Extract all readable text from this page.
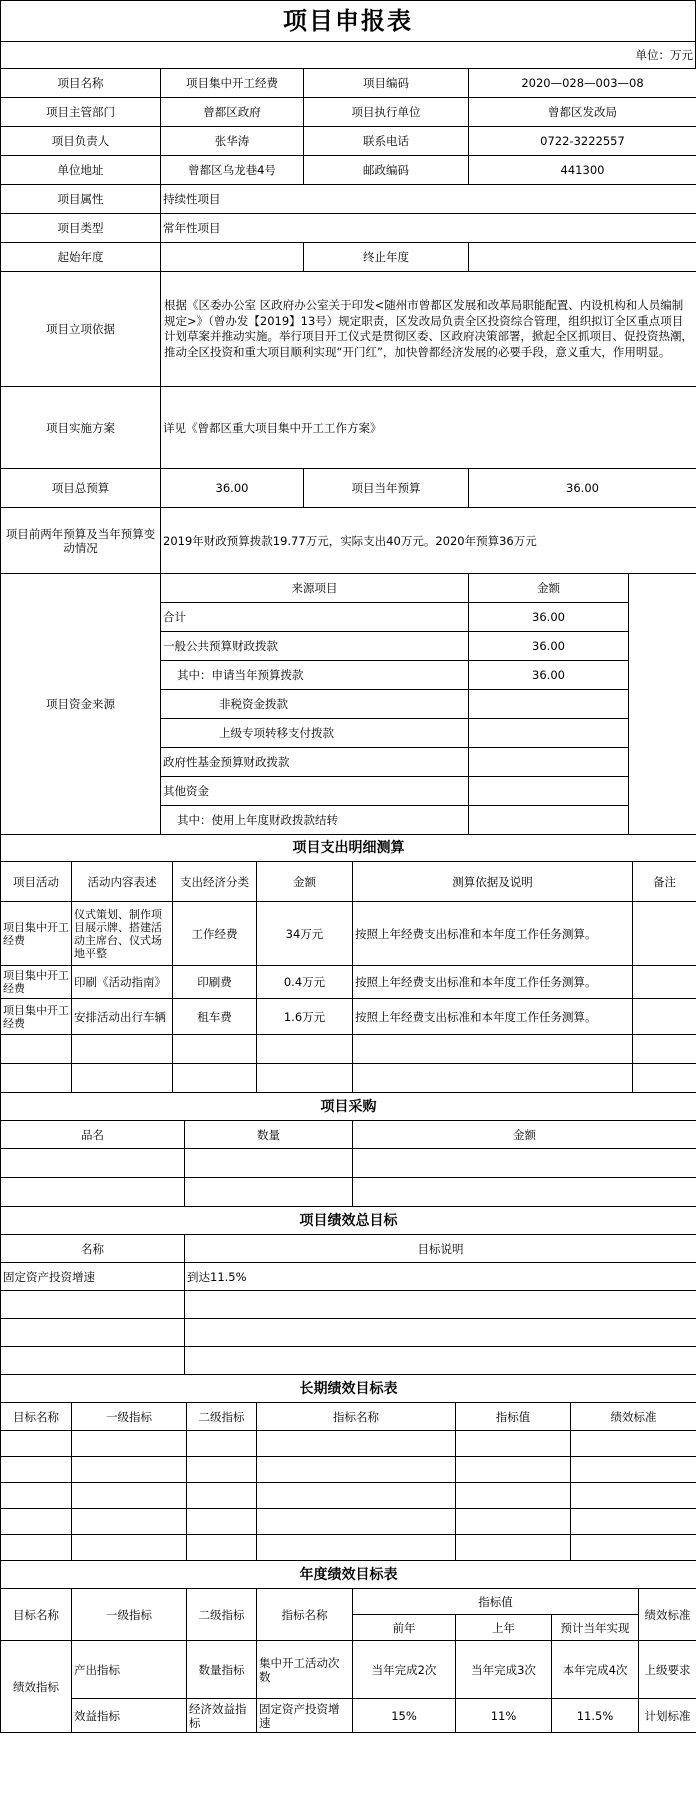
项目申报表
单位：万元
项目名称	项目集中开工经费	项目编码	2020—028—003—08
项目主管部门	曾都区政府	项目执行单位	曾都区发改局
项目负责人	张华涛	联系电话	0722-3222557
单位地址	曾都区乌龙巷4号	邮政编码	441300
项目属性	持续性项目		
项目类型	常年性项目		
起始年度		终止年度	
项目立项依据	根据《区委办公室 区政府办公室关于印发<随州市曾都区发展和改革局职能配置、内设机构和人员编制规定>》（曾办发【2019】13号）规定职责，区发改局负责全区投资综合管理，组织拟订全区重点项目计划草案并推动实施。举行项目开工仪式是贯彻区委、区政府决策部署，掀起全区抓项目、促投资热潮，推动全区投资和重大项目顺利实现“开门红”，加快曾都经济发展的必要手段，意义重大，作用明显。		
项目实施方案	详见《曾都区重大项目集中开工工作方案》		
项目总预算	36.00	项目当年预算	36.00
项目前两年预算及当年预算变动情况	2019年财政预算拨款19.77万元，实际支出40万元。2020年预算36万元		
项目资金来源	来源项目	金额	
	合计	36.00	
	一般公共预算财政拨款	36.00	
	其中：申请当年预算拨款	36.00	
	非税资金拨款		
	上级专项转移支付拨款		
	政府性基金预算财政拨款		
	其他资金		
	其中：使用上年度财政拨款结转		
项目支出明细测算					
项目活动	活动内容表述	支出经济分类	金额	测算依据及说明	备注
项目集中开工经费	仪式策划、制作项目展示牌、搭建活动主席台、仪式场地平整	工作经费	34万元	按照上年经费支出标准和本年度工作任务测算。	
项目集中开工经费	印刷《活动指南》	印刷费	0.4万元	按照上年经费支出标准和本年度工作任务测算。	
项目集中开工经费	安排活动出行车辆	租车费	1.6万元	按照上年经费支出标准和本年度工作任务测算。	

项目采购		
品名	数量	金额

项目绩效总目标	
名称	目标说明
固定资产投资增速	到达11.5%

长期绩效目标表					
目标名称	一级指标	二级指标	指标名称	指标值	绩效标准

年度绩效目标表							
目标名称	一级指标	二级指标	指标名称	指标值			绩效标准
				前年	上年	预计当年实现	
绩效指标	产出指标	数量指标	集中开工活动次数	当年完成2次	当年完成3次	本年完成4次	上级要求
	效益指标	经济效益指标	固定资产投资增速	15%	11%	11.5%	计划标准
